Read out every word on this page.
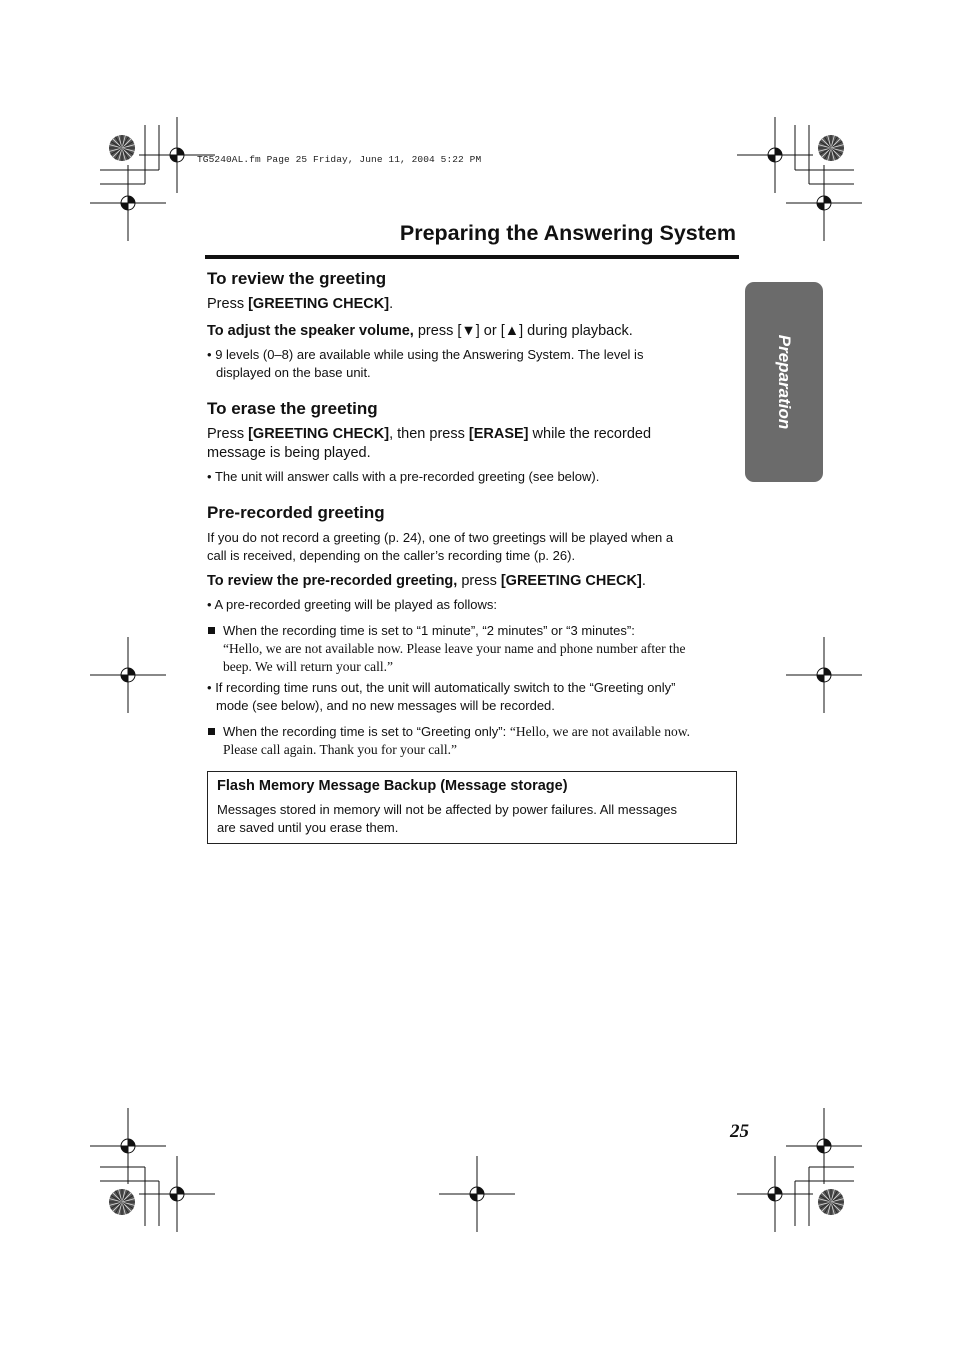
TG5240AL.fm Page 25 Friday, June 11, 2004 5:22 PM
Preparing the Answering System
Preparation
To review the greeting

Press [GREETING CHECK].

To adjust the speaker volume, press [▼] or [▲] during playback.

• 9 levels (0–8) are available while using the Answering System. The level is
displayed on the base unit.
To erase the greeting

Press [GREETING CHECK], then press [ERASE] while the recorded
message is being played.

• The unit will answer calls with a pre-recorded greeting (see below).
Pre-recorded greeting

If you do not record a greeting (p. 24), one of two greetings will be played when a
call is received, depending on the caller’s recording time (p. 26).

To review the pre-recorded greeting, press [GREETING CHECK].

• A pre-recorded greeting will be played as follows:
When the recording time is set to “1 minute”, “2 minutes” or “3 minutes”:
“Hello, we are not available now. Please leave your name and phone number after the
beep. We will return your call.”
• If recording time runs out, the unit will automatically switch to the “Greeting only”
mode (see below), and no new messages will be recorded.
When the recording time is set to “Greeting only”: “Hello, we are not available now.
Please call again. Thank you for your call.”
Flash Memory Message Backup (Message storage)
Messages stored in memory will not be affected by power failures. All messages
are saved until you erase them.
25
